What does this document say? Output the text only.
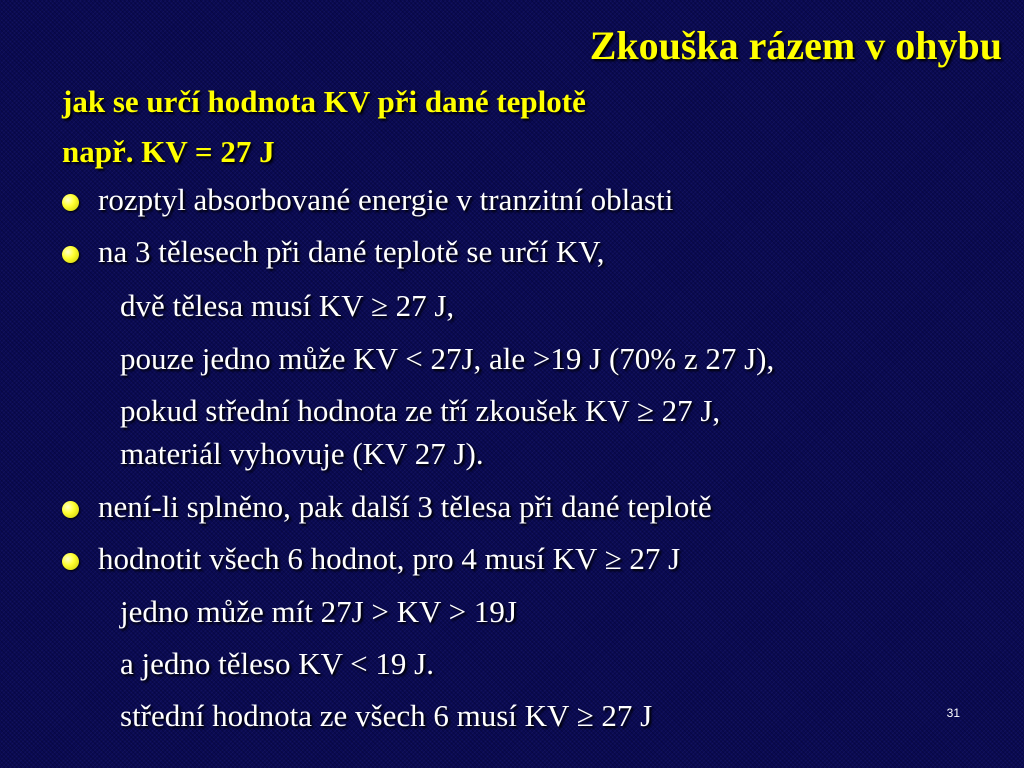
Zkouška rázem v ohybu
jak se určí hodnota KV při dané teplotě
např. KV = 27 J
rozptyl absorbované energie v tranzitní oblasti
na 3 tělesech při dané teplotě se určí KV,
dvě tělesa musí KV ≥ 27 J,
pouze jedno může KV < 27J, ale >19 J (70% z 27 J),
pokud střední hodnota ze tří zkoušek KV ≥ 27 J,
materiál vyhovuje (KV 27 J).
není-li splněno, pak další 3 tělesa při dané teplotě
hodnotit všech 6 hodnot, pro 4 musí KV ≥ 27 J
jedno může mít 27J > KV > 19J
a jedno těleso KV < 19 J.
střední hodnota ze všech 6 musí KV ≥ 27 J	31
